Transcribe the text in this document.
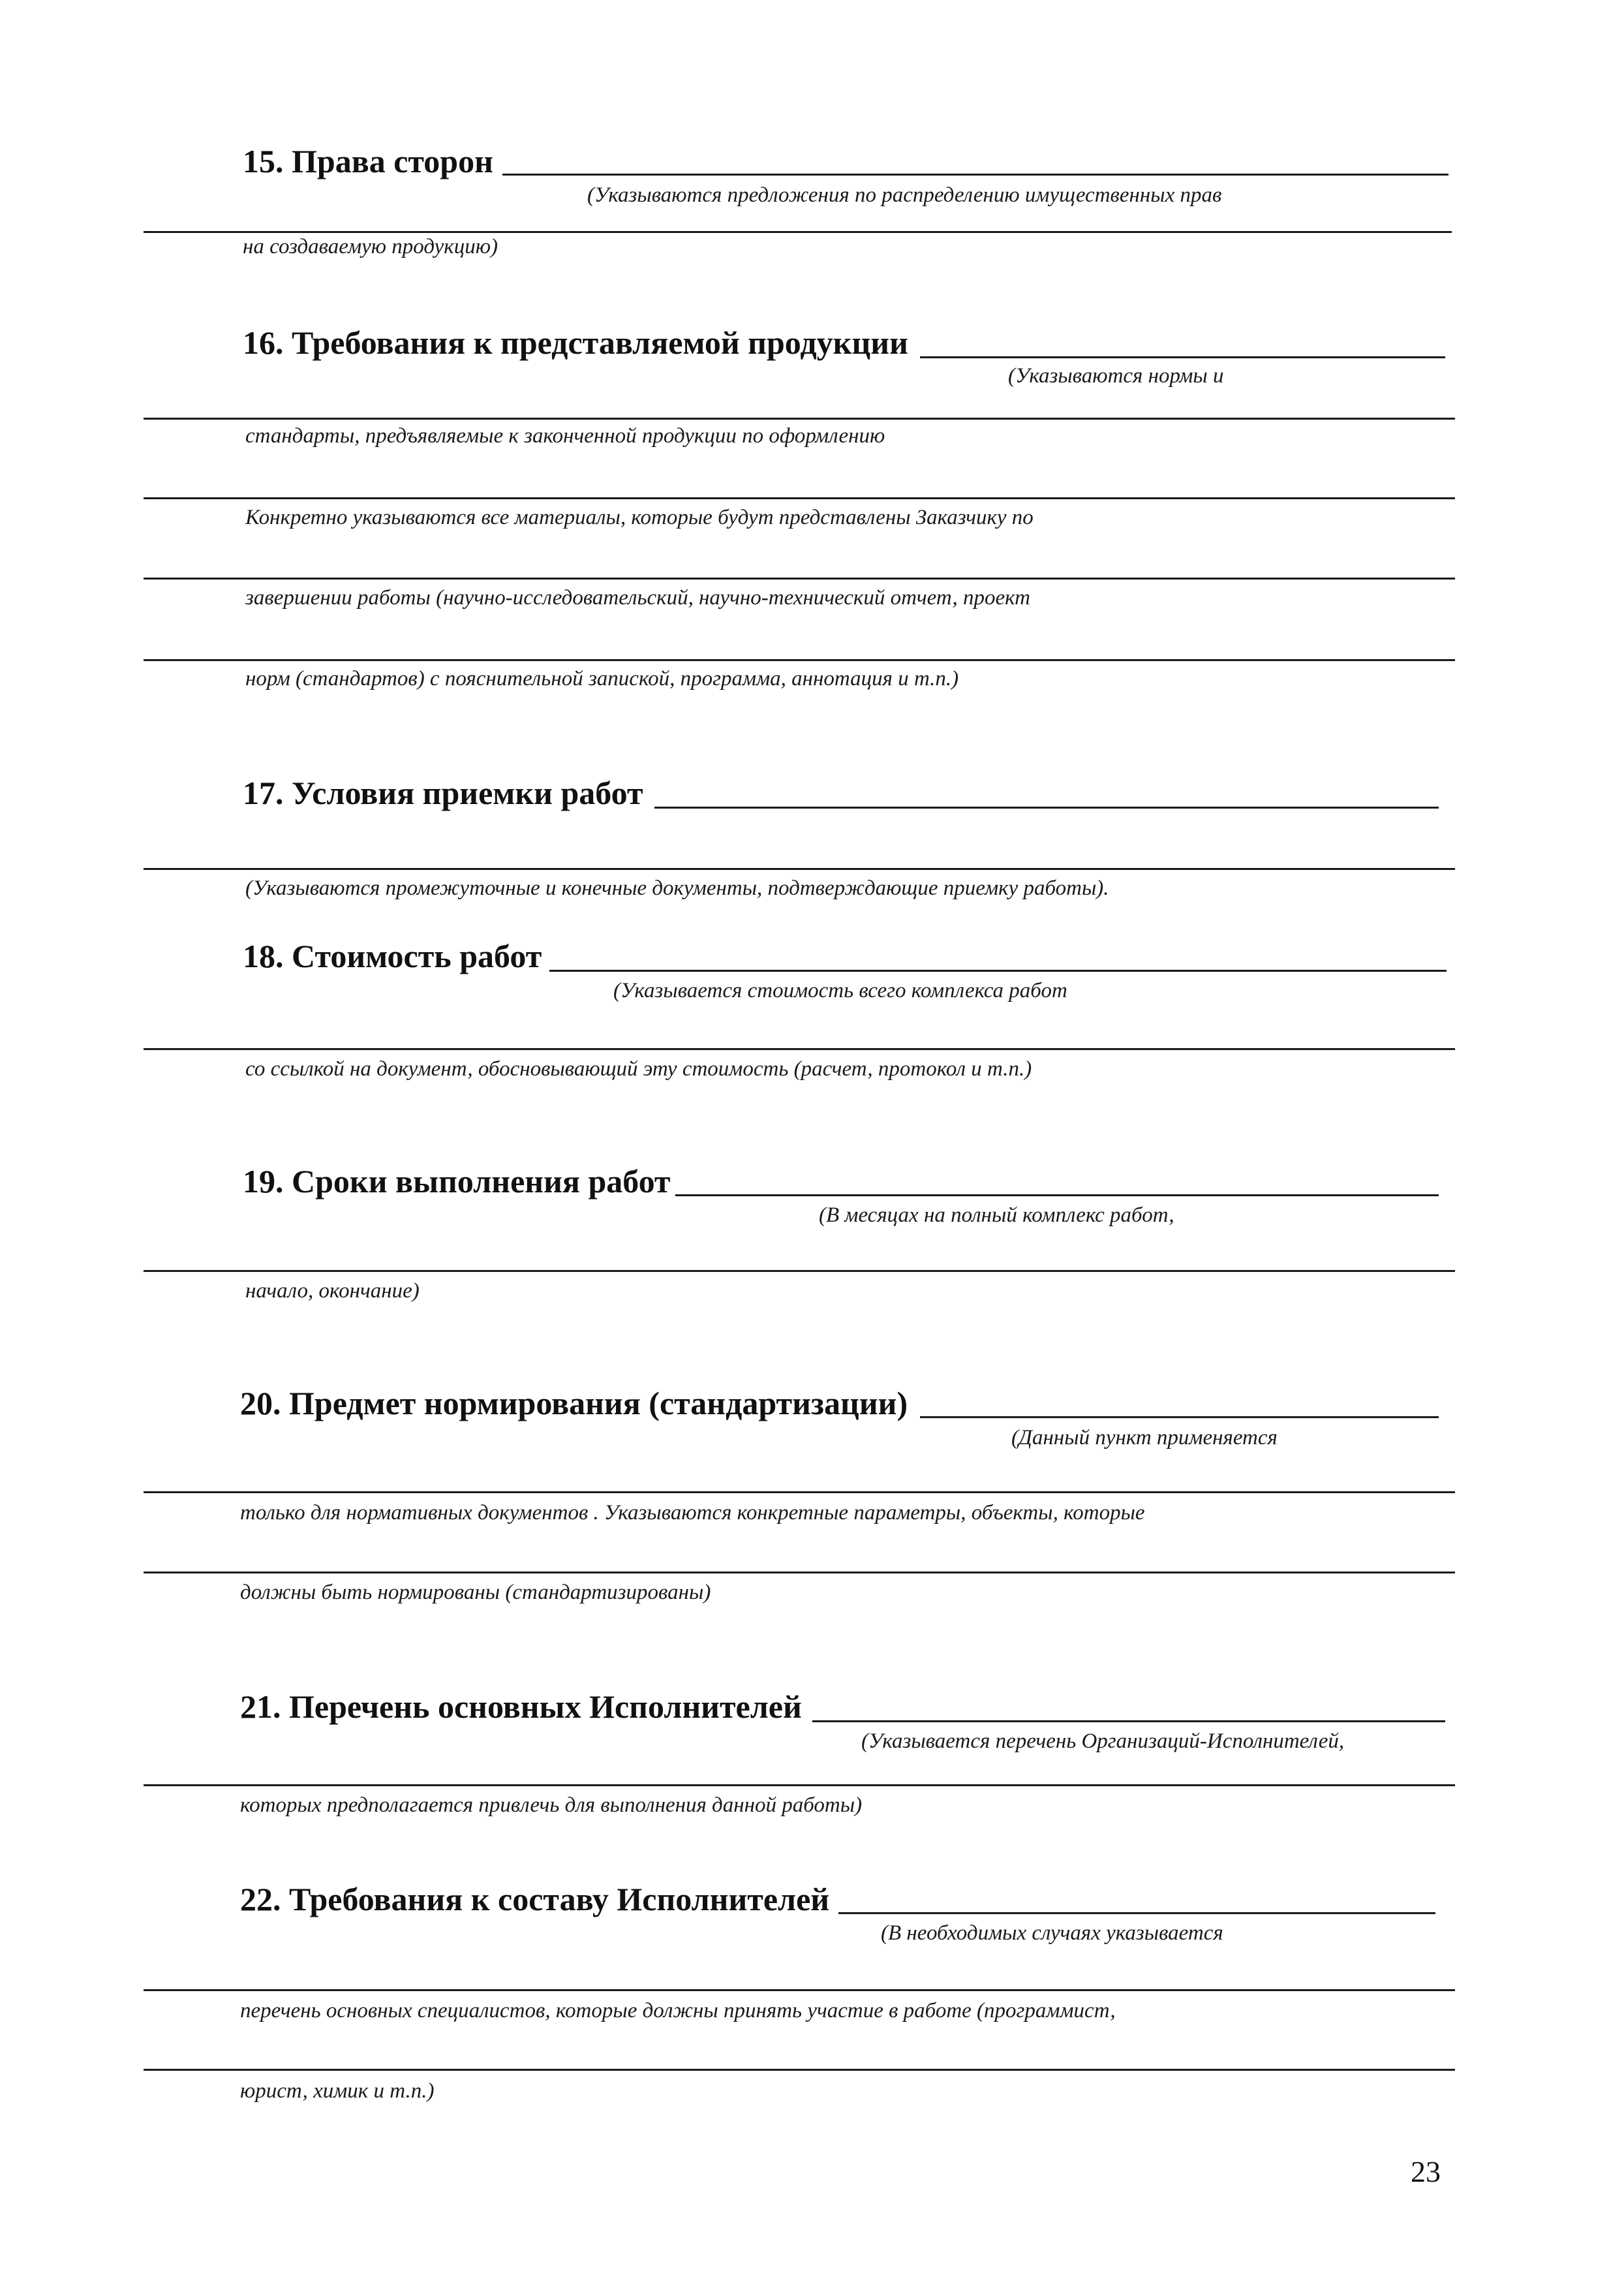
15. Права сторон
(Указываются предложения по распределению имущественных прав
на создаваемую продукцию)
16. Требования к представляемой продукции
(Указываются нормы и
стандарты, предъявляемые к законченной продукции по оформлению
Конкретно указываются все материалы, которые будут представлены Заказчику по
завершении работы (научно-исследовательский, научно-технический отчет, проект
норм (стандартов) с пояснительной запиской, программа, аннотация и т.п.)
17. Условия приемки работ
(Указываются промежуточные и конечные документы, подтверждающие приемку работы).
18. Стоимость работ
(Указывается стоимость всего комплекса работ
со ссылкой на документ, обосновывающий эту стоимость (расчет, протокол и т.п.)
19. Сроки выполнения работ
(В месяцах на полный комплекс работ,
начало, окончание)
20. Предмет нормирования (стандартизации)
(Данный пункт применяется
только для нормативных документов . Указываются конкретные параметры, объекты, которые
должны быть нормированы (стандартизированы)
21. Перечень основных Исполнителей
(Указывается перечень Организаций-Исполнителей,
которых предполагается привлечь для выполнения данной работы)
22. Требования к составу Исполнителей
(В необходимых случаях указывается
перечень основных специалистов, которые должны принять участие в работе (программист,
юрист, химик и т.п.)
23
